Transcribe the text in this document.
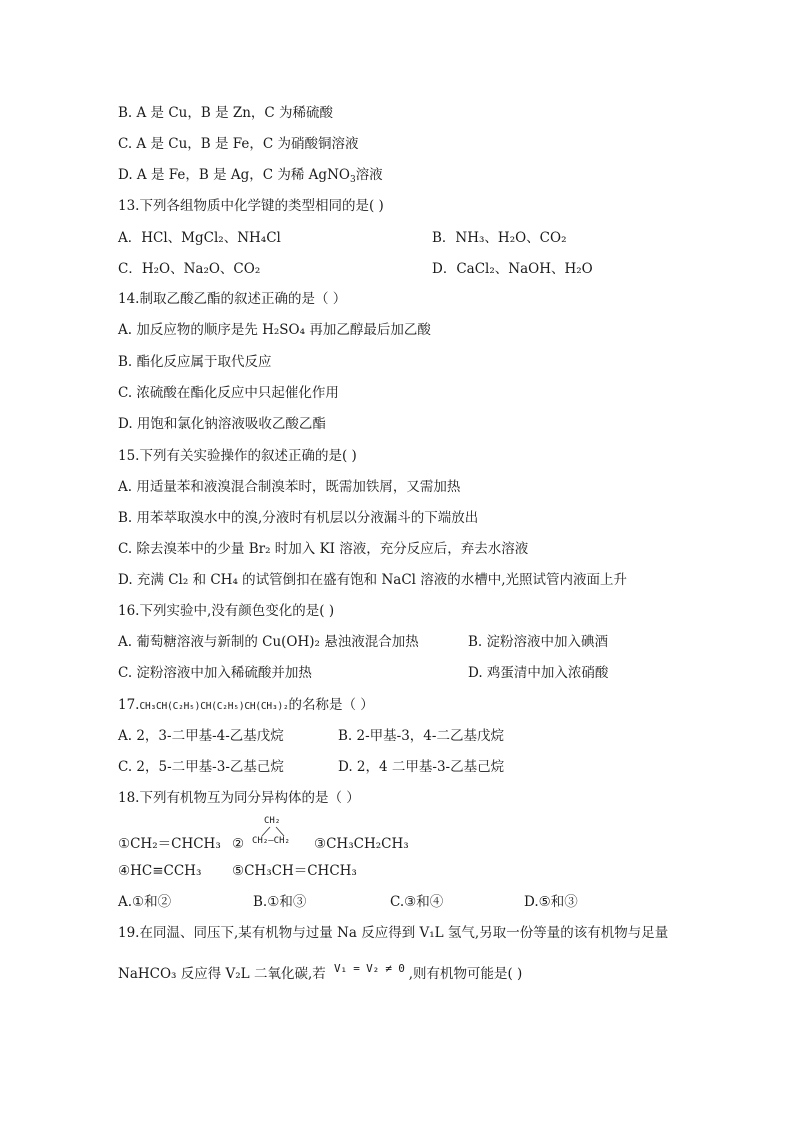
B. A 是 Cu，B 是 Zn，C 为稀硫酸
C. A 是 Cu，B 是 Fe，C 为硝酸铜溶液
D. A 是 Fe，B 是 Ag，C 为稀 AgNO$_3$溶液
13.下列各组物质中化学键的类型相同的是( )
A．HCl、MgCl₂、NH₄Cl	B．NH₃、H₂O、CO₂
C．H₂O、Na₂O、CO₂	D．CaCl₂、NaOH、H₂O
14.制取乙酸乙酯的叙述正确的是（ ）
A. 加反应物的顺序是先 H₂SO₄ 再加乙醇最后加乙酸
B. 酯化反应属于取代反应
C. 浓硫酸在酯化反应中只起催化作用
D. 用饱和氯化钠溶液吸收乙酸乙酯
15.下列有关实验操作的叙述正确的是( )
A. 用适量苯和液溴混合制溴苯时，既需加铁屑，又需加热
B. 用苯萃取溴水中的溴,分液时有机层以分液漏斗的下端放出
C. 除去溴苯中的少量 Br₂ 时加入 KI 溶液，充分反应后，弃去水溶液
D. 充满 Cl₂ 和 CH₄ 的试管倒扣在盛有饱和 NaCl 溶液的水槽中,光照试管内液面上升
16.下列实验中,没有颜色变化的是( )
A. 葡萄糖溶液与新制的 Cu(OH)₂ 悬浊液混合加热	B. 淀粉溶液中加入碘酒
C. 淀粉溶液中加入稀硫酸并加热	D. 鸡蛋清中加入浓硝酸
17.CH₃CH(C₂H₅)CH(C₂H₅)CH(CH₃)₂的名称是（ ）
A. 2，3-二甲基-4-乙基戊烷	B. 2-甲基-3，4-二乙基戊烷
C. 2，5-二甲基-3-乙基己烷	D. 2，4 二甲基-3-乙基己烷
18.下列有机物互为同分异构体的是（ ）
①CH₂＝CHCH₃ ②
CH₂
CH₂—CH₂ ③CH₃CH₂CH₃
④HC≡CCH₃ ⑤CH₃CH＝CHCH₃
A.①和②	B.①和③	C.③和④	D.⑤和③
19.在同温、同压下,某有机物与过量 Na 反应得到 V₁L 氢气,另取一份等量的该有机物与足量
NaHCO₃ 反应得 V₂L 二氧化碳,若 $^{V_1 = V_2 \ne 0}$ ,则有机物可能是( )
